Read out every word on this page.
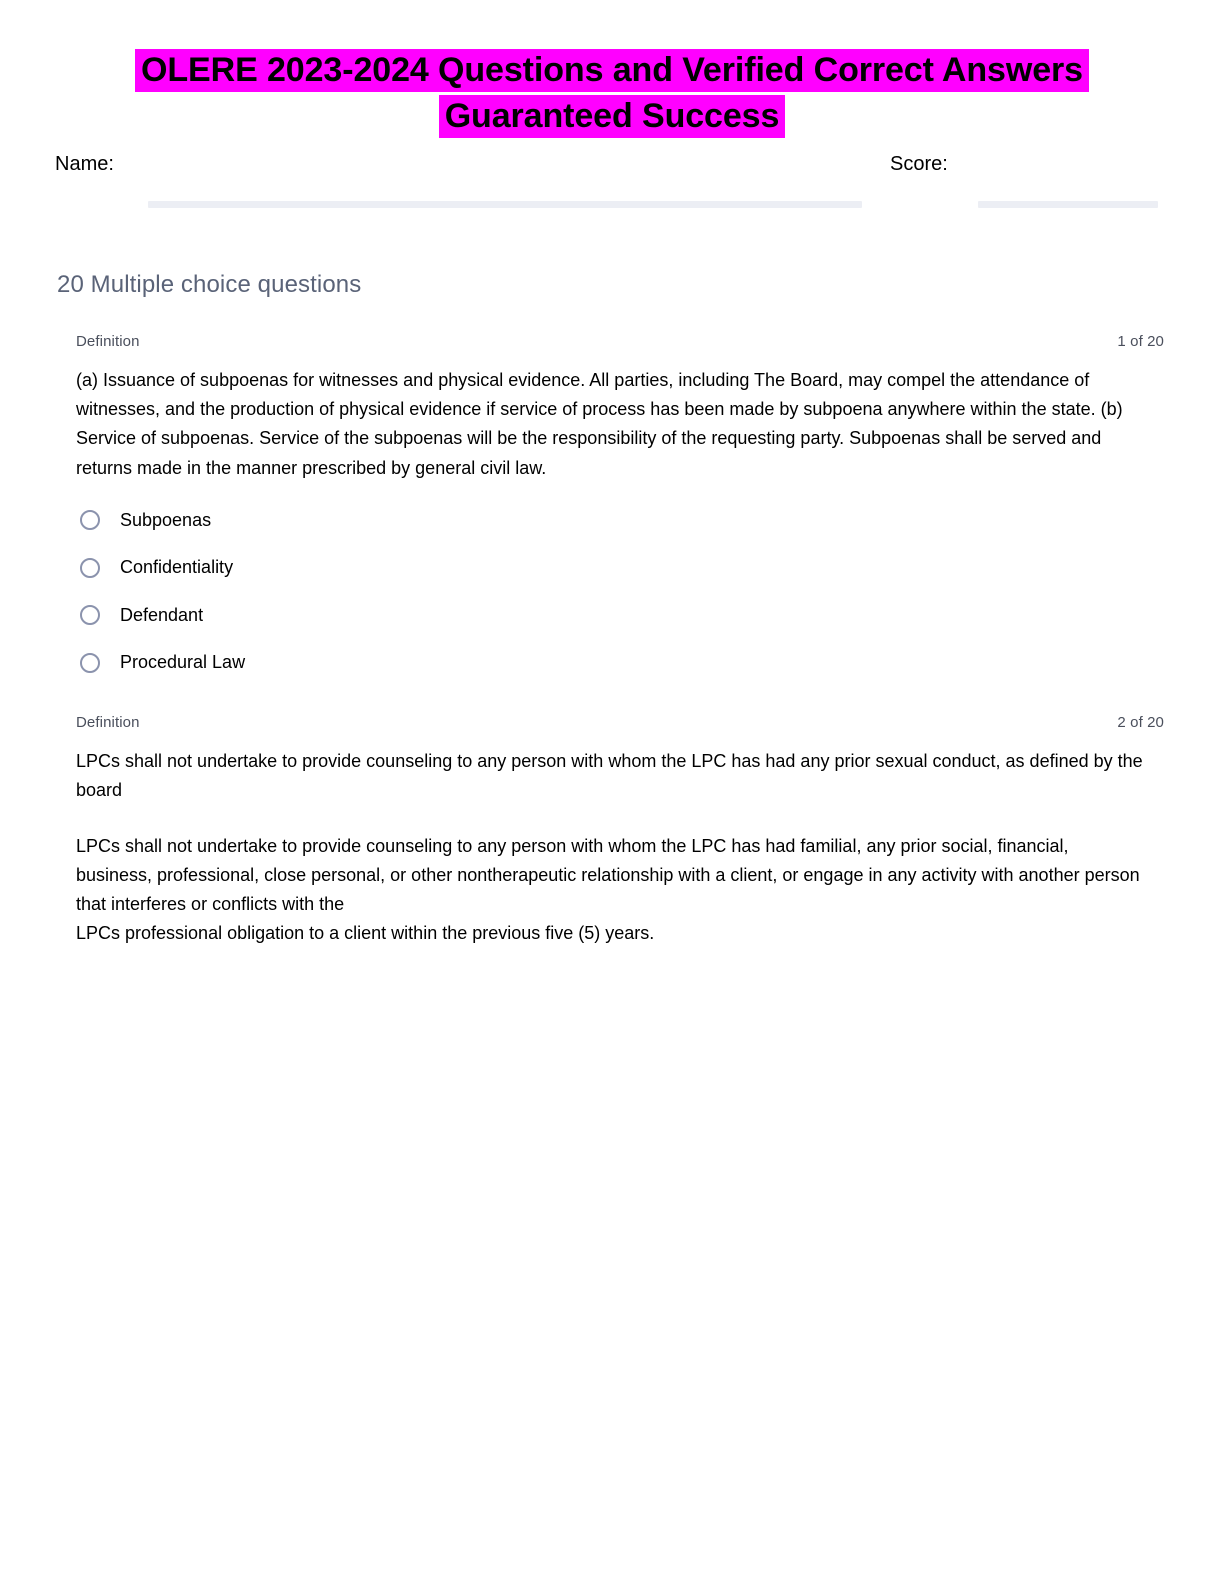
OLERE 2023-2024 Questions and Verified Correct Answers
Guaranteed Success
Name:	Score:
20 Multiple choice questions
Definition	1 of 20

(a) Issuance of subpoenas for witnesses and physical evidence. All parties, including The Board, may compel the attendance of witnesses, and the production of physical evidence if service of process has been made by subpoena anywhere within the state. (b) Service of subpoenas. Service of the subpoenas will be the responsibility of the requesting party. Subpoenas shall be served and returns made in the manner prescribed by general civil law.

Subpoenas
Confidentiality
Defendant
Procedural Law
Definition	2 of 20

LPCs shall not undertake to provide counseling to any person with whom the LPC has had any prior sexual conduct, as defined by the board

LPCs shall not undertake to provide counseling to any person with whom the LPC has had familial, any prior social, financial, business, professional, close personal, or other nontherapeutic relationship with a client, or engage in any activity with another person that interferes or conflicts with the

LPCs professional obligation to a client within the previous five (5) years.
